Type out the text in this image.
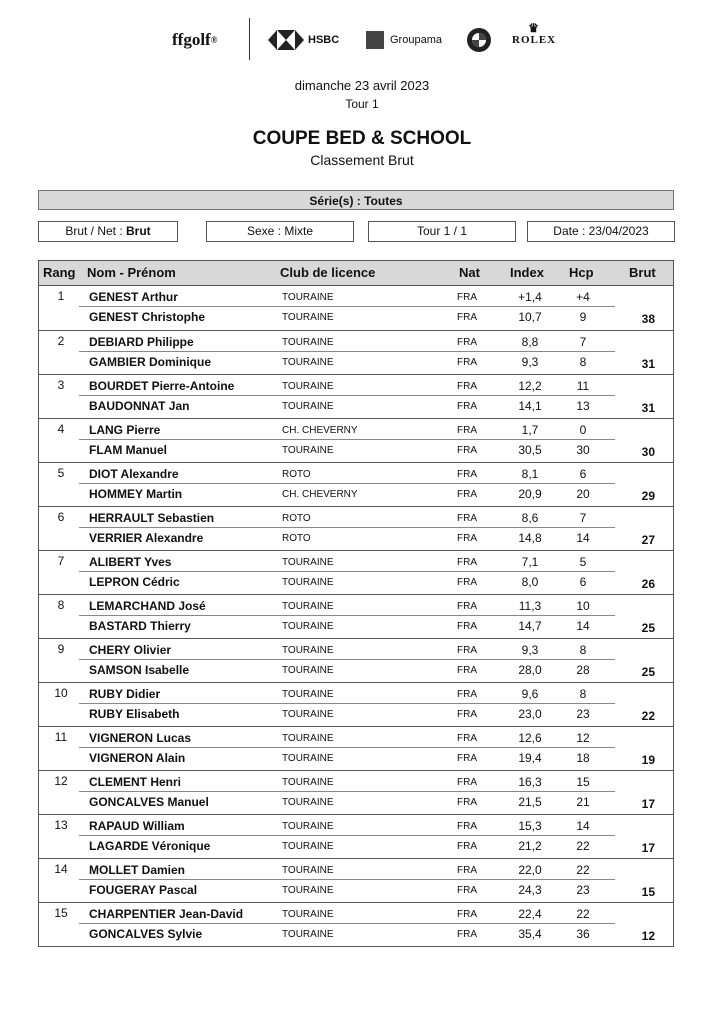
ffgolf ®	HSBC	Groupama
♛
ROLEX
dimanche 23 avril 2023
Tour 1
COUPE BED & SCHOOL
Classement Brut
Série(s) : Toutes
Brut / Net : Brut	Sexe : Mixte	Tour 1 / 1	Date : 23/04/2023
Rang Nom - Prénom	Club de licence	Nat Index Hcp	Brut
1	GENEST Arthur	TOURAINE	FRA	+1,4	+4
GENEST Christophe	TOURAINE	FRA	10,7	9	38
2	DEBIARD Philippe	TOURAINE	FRA	8,8	7
GAMBIER Dominique	TOURAINE	FRA	9,3	8	31
3	BOURDET Pierre-Antoine	TOURAINE	FRA	12,2	11
BAUDONNAT Jan	TOURAINE	FRA	14,1	13	31
4	LANG Pierre	CH. CHEVERNY	FRA	1,7	0
FLAM Manuel	TOURAINE	FRA	30,5	30	30
5	DIOT Alexandre	ROTO	FRA	8,1	6
HOMMEY Martin	CH. CHEVERNY	FRA	20,9	20	29
6	HERRAULT Sebastien	ROTO	FRA	8,6	7
VERRIER Alexandre	ROTO	FRA	14,8	14	27
7	ALIBERT Yves	TOURAINE	FRA	7,1	5
LEPRON Cédric	TOURAINE	FRA	8,0	6	26
8	LEMARCHAND José	TOURAINE	FRA	11,3	10
BASTARD Thierry	TOURAINE	FRA	14,7	14	25
9	CHERY Olivier	TOURAINE	FRA	9,3	8
SAMSON Isabelle	TOURAINE	FRA	28,0	28	25
10 RUBY Didier	TOURAINE	FRA	9,6	8
RUBY Elisabeth	TOURAINE	FRA	23,0	23	22
11 VIGNERON Lucas	TOURAINE	FRA	12,6	12
VIGNERON Alain	TOURAINE	FRA	19,4	18	19
12 CLEMENT Henri	TOURAINE	FRA	16,3	15
GONCALVES Manuel	TOURAINE	FRA	21,5	21	17
13 RAPAUD William	TOURAINE	FRA	15,3	14
LAGARDE Véronique	TOURAINE	FRA	21,2	22	17
14 MOLLET Damien	TOURAINE	FRA	22,0	22
FOUGERAY Pascal	TOURAINE	FRA	24,3	23	15
15 CHARPENTIER Jean-David	TOURAINE	FRA	22,4	22
GONCALVES Sylvie	TOURAINE	FRA	35,4	36	12
